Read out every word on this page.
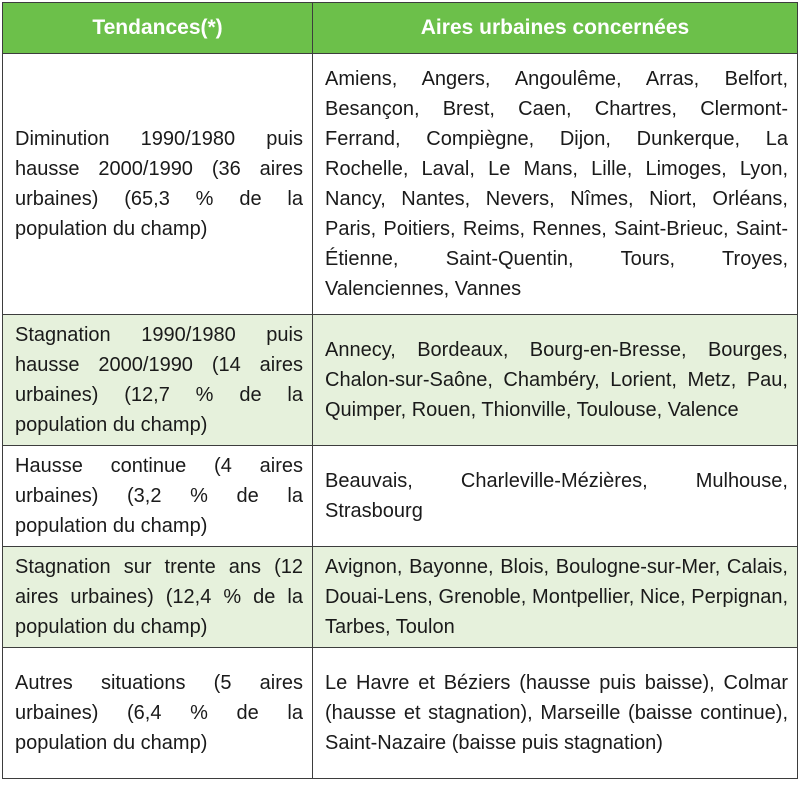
Tendances(*)	Aires urbaines concernées
Diminution 1990/1980 puis hausse 2000/1990 (36 aires urbaines) (65,3 % de la population du champ)	Amiens, Angers, Angoulême, Arras, Belfort, Besançon, Brest, Caen, Chartres, Clermont-Ferrand, Compiègne, Dijon, Dunkerque, La Rochelle, Laval, Le Mans, Lille, Limoges, Lyon, Nancy, Nantes, Nevers, Nîmes, Niort, Orléans, Paris, Poitiers, Reims, Rennes, Saint-Brieuc, Saint-Étienne, Saint-Quentin, Tours, Troyes, Valenciennes, Vannes
Stagnation 1990/1980 puis hausse 2000/1990 (14 aires urbaines) (12,7 % de la population du champ)	Annecy, Bordeaux, Bourg-en-Bresse, Bourges, Chalon-sur-Saône, Chambéry, Lorient, Metz, Pau, Quimper, Rouen, Thionville, Toulouse, Valence
Hausse continue (4 aires urbaines) (3,2 % de la population du champ)	Beauvais, Charleville-Mézières, Mulhouse, Strasbourg
Stagnation sur trente ans (12 aires urbaines) (12,4 % de la population du champ)	Avignon, Bayonne, Blois, Boulogne-sur-Mer, Calais, Douai-Lens, Grenoble, Montpellier, Nice, Perpignan, Tarbes, Toulon
Autres situations (5 aires urbaines) (6,4 % de la population du champ)	Le Havre et Béziers (hausse puis baisse), Colmar (hausse et stagnation), Marseille (baisse continue), Saint-Nazaire (baisse puis stagnation)
